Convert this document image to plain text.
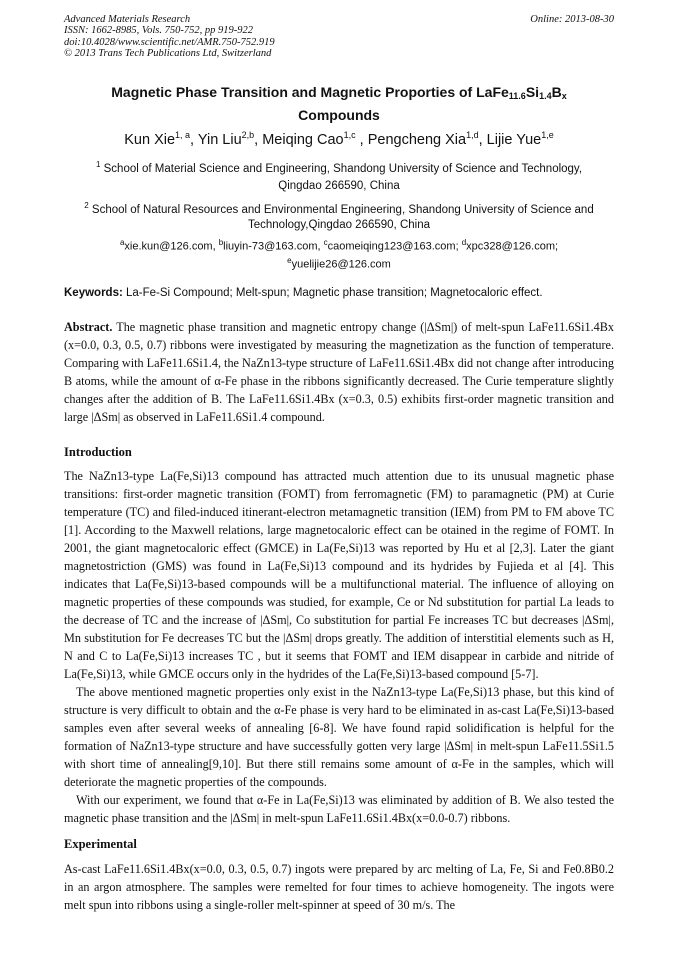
Advanced Materials Research
ISSN: 1662-8985, Vols. 750-752, pp 919-922
doi:10.4028/www.scientific.net/AMR.750-752.919
© 2013 Trans Tech Publications Ltd, Switzerland
Online: 2013-08-30
Magnetic Phase Transition and Magnetic Proporties of $LaFe_{11.6}Si_{1.4}B_x$
Compounds
Kun Xie$^{1, a}$, Yin Liu$^{2,b}$, Meiqing Cao$^{1,c}$ , Pengcheng Xia$^{1,d}$, Lijie Yue$^{1,e}$
$^1$ School of Material Science and Engineering, Shandong University of Science and Technology,
Qingdao 266590, China
$^2$ School of Natural Resources and Environmental Engineering, Shandong University of Science and Technology,Qingdao 266590, China
$^a$xie.kun@126.com, $^b$liuyin-73@163.com, $^c$caomeiqing123@163.com; $^d$xpc328@126.com;
$^e$yuelijie26@126.com
Keywords: La-Fe-Si Compound; Melt-spun; Magnetic phase transition; Magnetocaloric effect.

Abstract. The magnetic phase transition and magnetic entropy change (|ΔSm|) of melt-spun LaFe11.6Si1.4Bx (x=0.0, 0.3, 0.5, 0.7) ribbons were investigated by measuring the magnetization as the function of temperature. Comparing with LaFe11.6Si1.4, the NaZn13-type structure of LaFe11.6Si1.4Bx did not change after introducing B atoms, while the amount of α-Fe phase in the ribbons significantly decreased. The Curie temperature slightly changes after the addition of B. The LaFe11.6Si1.4Bx (x=0.3, 0.5) exhibits first-order magnetic transition and large |ΔSm| as observed in LaFe11.6Si1.4 compound.

Introduction

The NaZn13-type La(Fe,Si)13 compound has attracted much attention due to its unusual magnetic phase transitions: first-order magnetic transition (FOMT) from ferromagnetic (FM) to paramagnetic (PM) at Curie temperature (TC) and filed-induced itinerant-electron metamagnetic transition (IEM) from PM to FM above TC [1]. According to the Maxwell relations, large magnetocaloric effect can be otained in the regime of FOMT. In 2001, the giant magnetocaloric effect (GMCE) in La(Fe,Si)13 was reported by Hu et al [2,3]. Later the giant magnetostriction (GMS) was found in La(Fe,Si)13 compound and its hydrides by Fujieda et al [4]. This indicates that La(Fe,Si)13-based compounds will be a multifunctional material. The influence of alloying on magnetic properties of these compounds was studied, for example, Ce or Nd substitution for partial La leads to the decrease of TC and the increase of |ΔSm|, Co substitution for partial Fe increases TC but decreases |ΔSm|, Mn substitution for Fe decreases TC but the |ΔSm| drops greatly. The addition of interstitial elements such as H, N and C to La(Fe,Si)13 increases TC , but it seems that FOMT and IEM disappear in carbide and nitride of La(Fe,Si)13, while GMCE occurs only in the hydrides of the La(Fe,Si)13-based compound [5-7].

The above mentioned magnetic properties only exist in the NaZn13-type La(Fe,Si)13 phase, but this kind of structure is very difficult to obtain and the α-Fe phase is very hard to be eliminated in as-cast La(Fe,Si)13-based samples even after several weeks of annealing [6-8]. We have found rapid solidification is helpful for the formation of NaZn13-type structure and have successfully gotten very large |ΔSm| in melt-spun LaFe11.5Si1.5 with short time of annealing[9,10]. But there still remains some amount of α-Fe in the samples, which will deteriorate the magnetic properties of the compounds.

With our experiment, we found that α-Fe in La(Fe,Si)13 was eliminated by addition of B. We also tested the magnetic phase transition and the |ΔSm| in melt-spun LaFe11.6Si1.4Bx(x=0.0-0.7) ribbons.

Experimental

As-cast LaFe11.6Si1.4Bx(x=0.0, 0.3, 0.5, 0.7) ingots were prepared by arc melting of La, Fe, Si and Fe0.8B0.2 in an argon atmosphere. The samples were remelted for four times to achieve homogeneity. The ingots were melt spun into ribbons using a single-roller melt-spinner at speed of 30 m/s. The
